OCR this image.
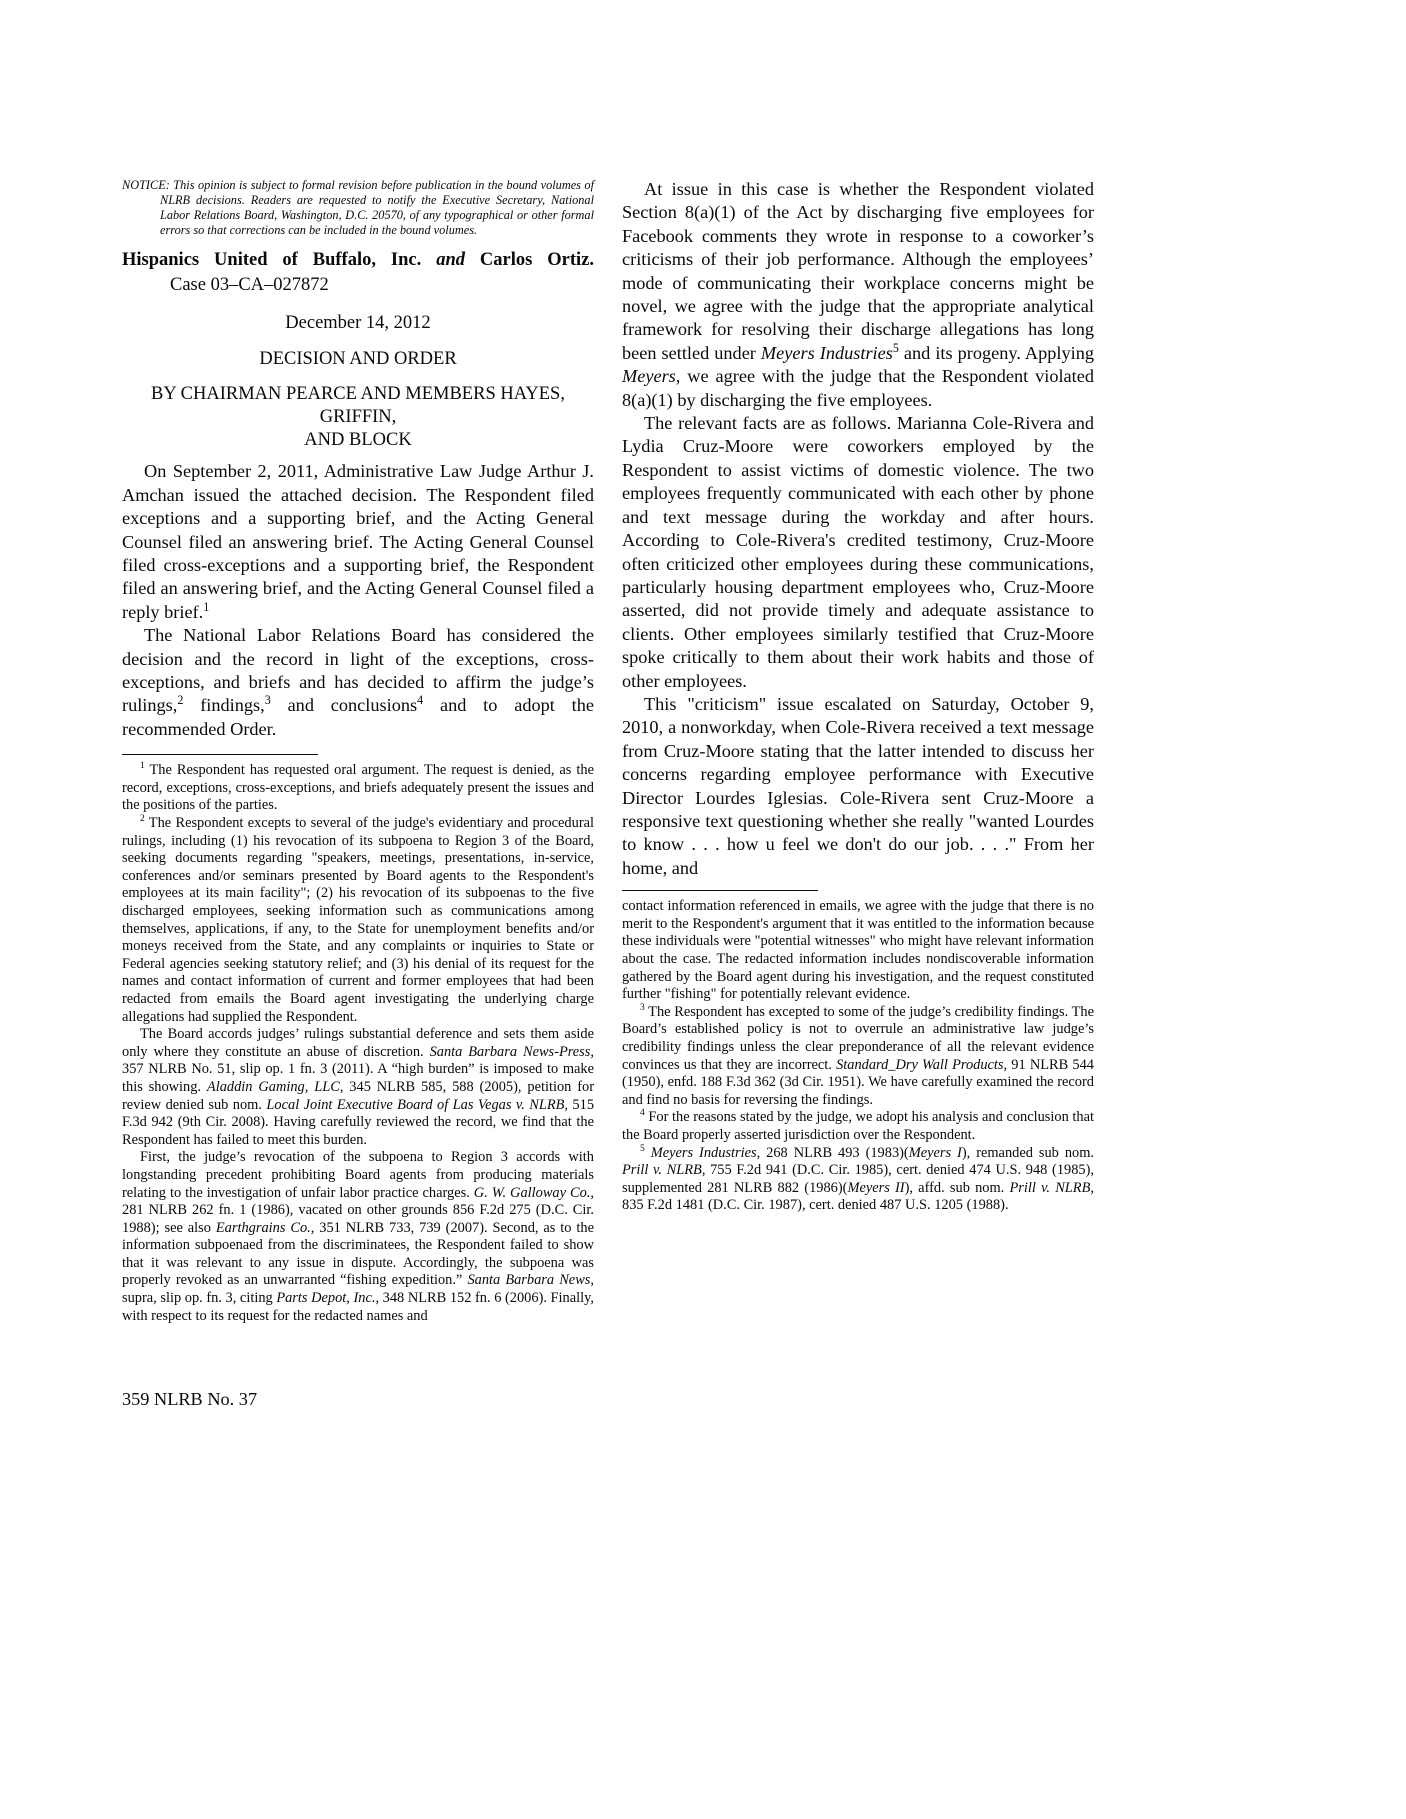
NOTICE: This opinion is subject to formal revision before publication in the bound volumes of NLRB decisions. Readers are requested to notify the Executive Secretary, National Labor Relations Board, Washington, D.C. 20570, of any typographical or other formal errors so that corrections can be included in the bound volumes.

Hispanics United of Buffalo, Inc. and Carlos Ortiz.
Case 03–CA–027872
December 14, 2012
DECISION AND ORDER
BY CHAIRMAN PEARCE AND MEMBERS HAYES, GRIFFIN,
AND BLOCK

On September 2, 2011, Administrative Law Judge Arthur J. Amchan issued the attached decision. The Respondent filed exceptions and a supporting brief, and the Acting General Counsel filed an answering brief. The Acting General Counsel filed cross-exceptions and a supporting brief, the Respondent filed an answering brief, and the Acting General Counsel filed a reply brief.$^1$

The National Labor Relations Board has considered the decision and the record in light of the exceptions, cross-exceptions, and briefs and has decided to affirm the judge’s rulings,$^2$ findings,$^3$ and conclusions$^4$ and to adopt the recommended Order.

$^1$ The Respondent has requested oral argument. The request is denied, as the record, exceptions, cross-exceptions, and briefs adequately present the issues and the positions of the parties.

$^2$ The Respondent excepts to several of the judge's evidentiary and procedural rulings, including (1) his revocation of its subpoena to Region 3 of the Board, seeking documents regarding "speakers, meetings, presentations, in-service, conferences and/or seminars presented by Board agents to the Respondent's employees at its main facility"; (2) his revocation of its subpoenas to the five discharged employees, seeking information such as communications among themselves, applications, if any, to the State for unemployment benefits and/or moneys received from the State, and any complaints or inquiries to State or Federal agencies seeking statutory relief; and (3) his denial of its request for the names and contact information of current and former employees that had been redacted from emails the Board agent investigating the underlying charge allegations had supplied the Respondent.

The Board accords judges’ rulings substantial deference and sets them aside only where they constitute an abuse of discretion. Santa Barbara News-Press, 357 NLRB No. 51, slip op. 1 fn. 3 (2011). A “high burden” is imposed to make this showing. Aladdin Gaming, LLC, 345 NLRB 585, 588 (2005), petition for review denied sub nom. Local Joint Executive Board of Las Vegas v. NLRB, 515 F.3d 942 (9th Cir. 2008). Having carefully reviewed the record, we find that the Respondent has failed to meet this burden.

First, the judge’s revocation of the subpoena to Region 3 accords with longstanding precedent prohibiting Board agents from producing materials relating to the investigation of unfair labor practice charges. G. W. Galloway Co., 281 NLRB 262 fn. 1 (1986), vacated on other grounds 856 F.2d 275 (D.C. Cir. 1988); see also Earthgrains Co., 351 NLRB 733, 739 (2007). Second, as to the information subpoenaed from the discriminatees, the Respondent failed to show that it was relevant to any issue in dispute. Accordingly, the subpoena was properly revoked as an unwarranted “fishing expedition.” Santa Barbara News, supra, slip op. fn. 3, citing Parts Depot, Inc., 348 NLRB 152 fn. 6 (2006). Finally, with respect to its request for the redacted names and

At issue in this case is whether the Respondent violated Section 8(a)(1) of the Act by discharging five employees for Facebook comments they wrote in response to a coworker’s criticisms of their job performance. Although the employees’ mode of communicating their workplace concerns might be novel, we agree with the judge that the appropriate analytical framework for resolving their discharge allegations has long been settled under Meyers Industries$^5$ and its progeny. Applying Meyers, we agree with the judge that the Respondent violated 8(a)(1) by discharging the five employees.

The relevant facts are as follows. Marianna Cole-Rivera and Lydia Cruz-Moore were coworkers employed by the Respondent to assist victims of domestic violence. The two employees frequently communicated with each other by phone and text message during the workday and after hours. According to Cole-Rivera's credited testimony, Cruz-Moore often criticized other employees during these communications, particularly housing department employees who, Cruz-Moore asserted, did not provide timely and adequate assistance to clients. Other employees similarly testified that Cruz-Moore spoke critically to them about their work habits and those of other employees.

This "criticism" issue escalated on Saturday, October 9, 2010, a nonworkday, when Cole-Rivera received a text message from Cruz-Moore stating that the latter intended to discuss her concerns regarding employee performance with Executive Director Lourdes Iglesias. Cole-Rivera sent Cruz-Moore a responsive text questioning whether she really "wanted Lourdes to know . . . how u feel we don't do our job. . . ." From her home, and

contact information referenced in emails, we agree with the judge that there is no merit to the Respondent's argument that it was entitled to the information because these individuals were "potential witnesses" who might have relevant information about the case. The redacted information includes nondiscoverable information gathered by the Board agent during his investigation, and the request constituted further "fishing" for potentially relevant evidence.

$^3$ The Respondent has excepted to some of the judge’s credibility findings. The Board’s established policy is not to overrule an administrative law judge’s credibility findings unless the clear preponderance of all the relevant evidence convinces us that they are incorrect. Standard_Dry Wall Products, 91 NLRB 544 (1950), enfd. 188 F.3d 362 (3d Cir. 1951). We have carefully examined the record and find no basis for reversing the findings.

$^4$ For the reasons stated by the judge, we adopt his analysis and conclusion that the Board properly asserted jurisdiction over the Respondent.

$^5$ Meyers Industries, 268 NLRB 493 (1983)(Meyers I), remanded sub nom. Prill v. NLRB, 755 F.2d 941 (D.C. Cir. 1985), cert. denied 474 U.S. 948 (1985), supplemented 281 NLRB 882 (1986)(Meyers II), affd. sub nom. Prill v. NLRB, 835 F.2d 1481 (D.C. Cir. 1987), cert. denied 487 U.S. 1205 (1988).

359 NLRB No. 37
